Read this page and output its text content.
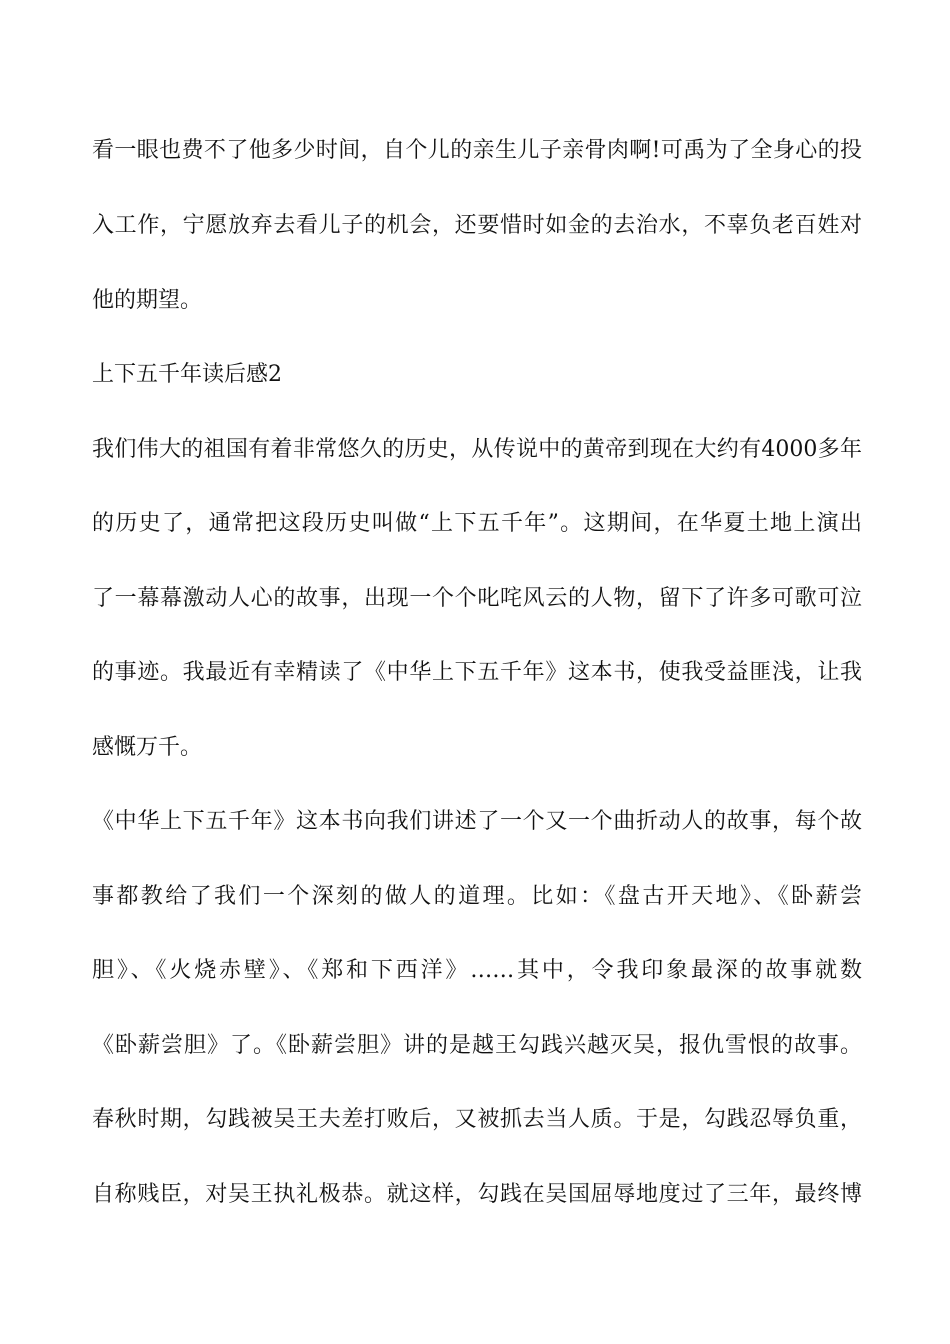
看一眼也费不了他多少时间，自个儿的亲生儿子亲骨肉啊!可禹为了全身心的投
入工作，宁愿放弃去看儿子的机会，还要惜时如金的去治水，不辜负老百姓对
他的期望。
上下五千年读后感2
我们伟大的祖国有着非常悠久的历史，从传说中的黄帝到现在大约有4000多年
的历史了，通常把这段历史叫做“上下五千年”。这期间，在华夏土地上演出
了一幕幕激动人心的故事，出现一个个叱咤风云的人物，留下了许多可歌可泣
的事迹。我最近有幸精读了《中华上下五千年》这本书，使我受益匪浅，让我
感慨万千。
《中华上下五千年》这本书向我们讲述了一个又一个曲折动人的故事，每个故
事都教给了我们一个深刻的做人的道理。比如：《盘古开天地》、《卧薪尝
胆》、《火烧赤壁》、《郑和下西洋》……其中，令我印象最深的故事就数
《卧薪尝胆》了。《卧薪尝胆》讲的是越王勾践兴越灭吴，报仇雪恨的故事。
春秋时期，勾践被吴王夫差打败后，又被抓去当人质。于是，勾践忍辱负重，
自称贱臣，对吴王执礼极恭。就这样，勾践在吴国屈辱地度过了三年，最终博
